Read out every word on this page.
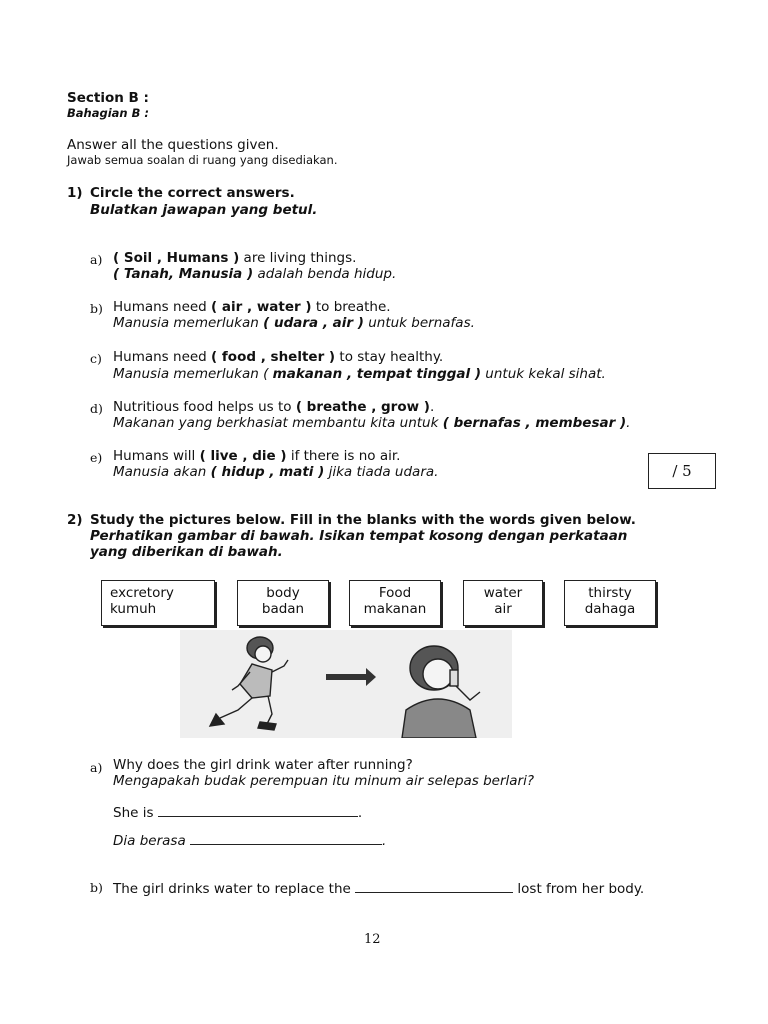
Section B :
Bahagian B :
Answer all the questions given.
Jawab semua soalan di ruang yang disediakan.
1) Circle the correct answers.
Bulatkan jawapan yang betul.
a) ( Soil , Humans ) are living things.
( Tanah, Manusia ) adalah benda hidup.
b) Humans need ( air , water ) to breathe.
Manusia memerlukan ( udara , air ) untuk bernafas.
c) Humans need ( food , shelter ) to stay healthy.
Manusia memerlukan ( makanan , tempat tinggal ) untuk kekal sihat.
d) Nutritious food helps us to ( breathe , grow ).
Makanan yang berkhasiat membantu kita untuk ( bernafas , membesar ).
e) Humans will ( live , die ) if there is no air.
Manusia akan ( hidup , mati ) jika tiada udara.	/ 5
2) Study the pictures below. Fill in the blanks with the words given below.
Perhatikan gambar di bawah. Isikan tempat kosong dengan perkataan
yang diberikan di bawah.
excretory
kumuh
body
badan
Food
makanan
water
air
thirsty
dahaga
a) Why does the girl drink water after running?
Mengapakah budak perempuan itu minum air selepas berlari?
She is	.
Dia berasa	.
b) The girl drinks water to replace the	lost from her body.
12
